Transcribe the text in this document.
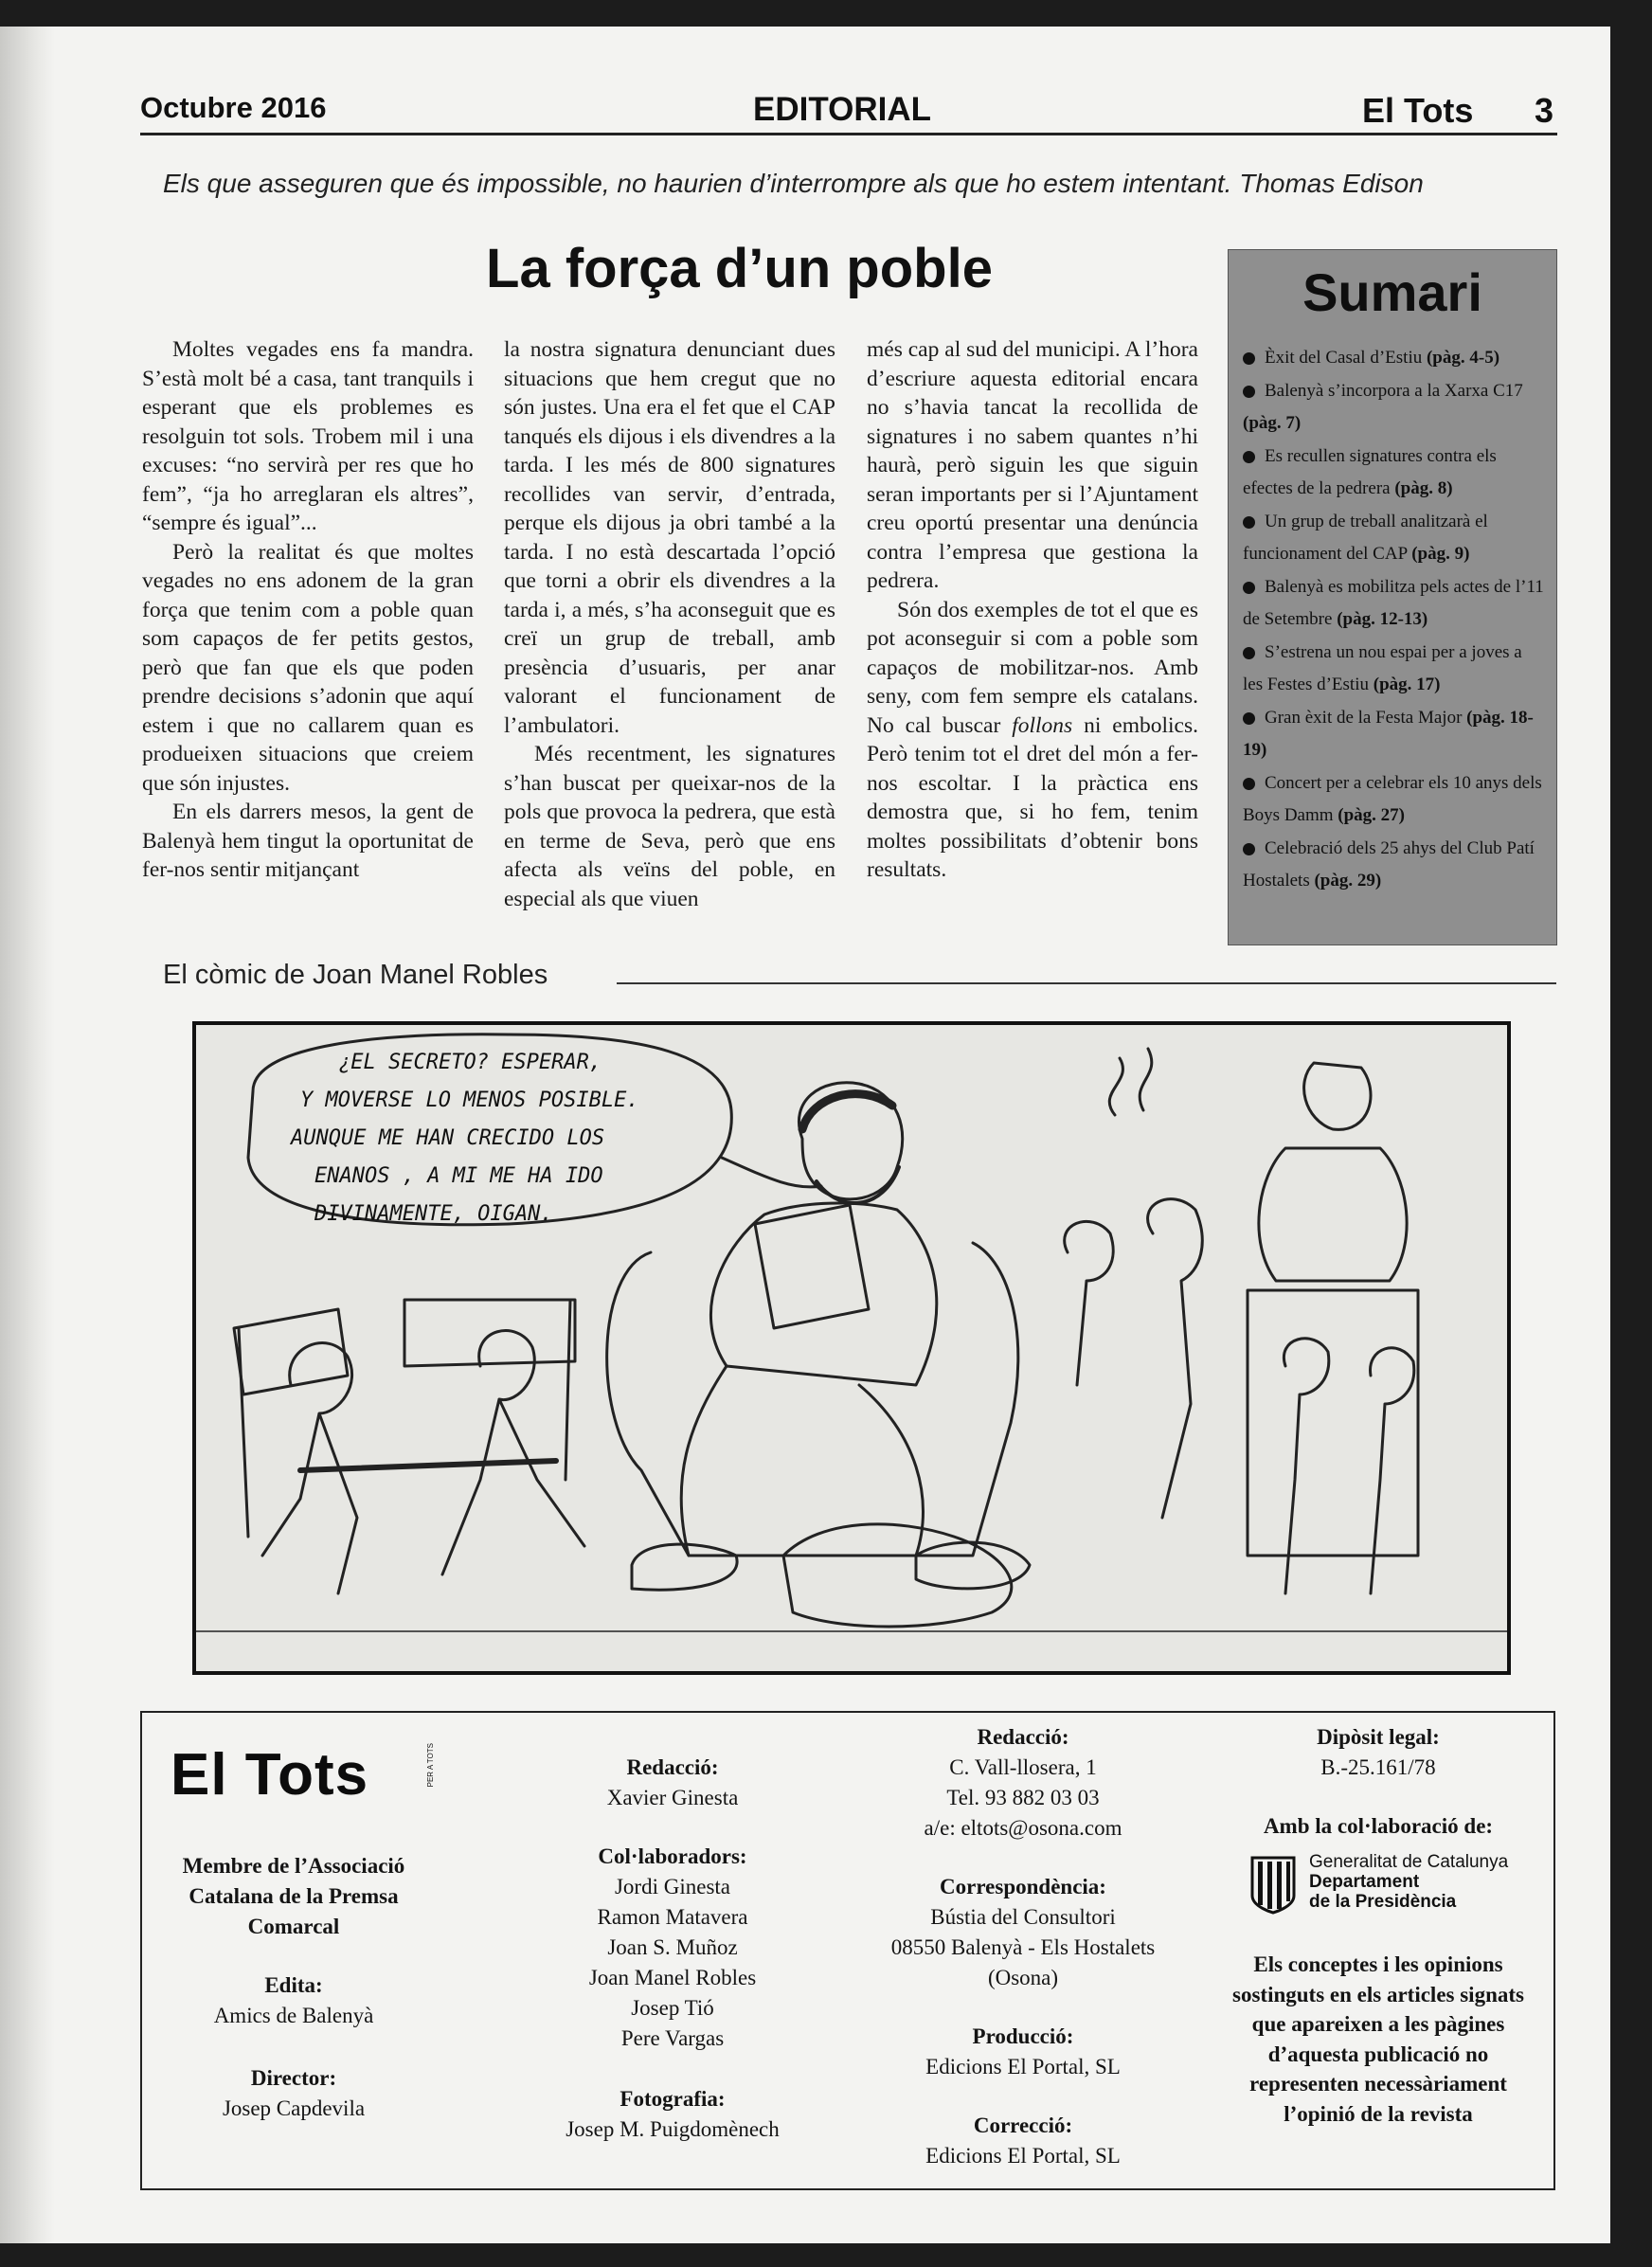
Octubre 2016	EDITORIAL	El Tots 3
Els que asseguren que és impossible, no haurien d’interrompre als que ho estem intentant. Thomas Edison
La força d’un poble

Moltes vegades ens fa mandra. S’està molt bé a casa, tant tranquils i esperant que els problemes es resolguin tot sols. Trobem mil i una excuses: “no servirà per res que ho fem”, “ja ho arreglaran els altres”, “sempre és igual”...

Però la realitat és que moltes vegades no ens adonem de la gran força que tenim com a poble quan som capaços de fer petits gestos, però que fan que els que poden prendre decisions s’adonin que aquí estem i que no callarem quan es produeixen situacions que creiem que són injustes.

En els darrers mesos, la gent de Balenyà hem tingut la oportunitat de fer-nos sentir mitjançant

la nostra signatura denunciant dues situacions que hem cregut que no són justes. Una era el fet que el CAP tanqués els dijous i els divendres a la tarda. I les més de 800 signatures recollides van servir, d’entrada, perque els dijous ja obri també a la tarda. I no està descartada l’opció que torni a obrir els divendres a la tarda i, a més, s’ha aconseguit que es creï un grup de treball, amb presència d’usuaris, per anar valorant el funcionament de l’ambulatori.

Més recentment, les signatures s’han buscat per queixar-nos de la pols que provoca la pedrera, que està en terme de Seva, però que ens afecta als veïns del poble, en especial als que viuen

més cap al sud del municipi. A l’hora d’escriure aquesta editorial encara no s’havia tancat la recollida de signatures i no sabem quantes n’hi haurà, però siguin les que siguin seran importants per si l’Ajuntament creu oportú presentar una denúncia contra l’empresa que gestiona la pedrera.

Són dos exemples de tot el que es pot aconseguir si com a poble som capaços de mobilitzar-nos. Amb seny, com fem sempre els catalans. No cal buscar follons ni embolics. Però tenim tot el dret del món a fer-nos escoltar. I la pràctica ens demostra que, si ho fem, tenim moltes possibilitats d’obtenir bons resultats.

Sumari
Èxit del Casal d’Estiu (pàg. 4-5)
Balenyà s’incorpora a la Xarxa C17 (pàg. 7)
Es recullen signatures contra els efectes de la pedrera (pàg. 8)
Un grup de treball analitzarà el funcionament del CAP (pàg. 9)
Balenyà es mobilitza pels actes de l’11 de Setembre (pàg. 12-13)
S’estrena un nou espai per a joves a les Festes d’Estiu (pàg. 17)
Gran èxit de la Festa Major (pàg. 18-19)
Concert per a celebrar els 10 anys dels Boys Damm (pàg. 27)
Celebració dels 25 ahys del Club Patí Hostalets (pàg. 29)
El còmic de Joan Manel Robles
¿EL SECRETO? ESPERAR,
Y MOVERSE LO MENOS POSIBLE.
AUNQUE ME HAN CRECIDO LOS
ENANOS , A MI ME HA IDO
DIVINAMENTE, OIGAN.
El Tots	PER A TOTS
Membre de l’Associació Catalana de la Premsa Comarcal
Edita:
Amics de Balenyà
Director:
Josep Capdevila
Redacció:
Xavier Ginesta
Col·laboradors:
Jordi Ginesta
Ramon Matavera
Joan S. Muñoz
Joan Manel Robles
Josep Tió
Pere Vargas
Fotografia:
Josep M. Puigdomènech
Redacció:
C. Vall-llosera, 1
Tel. 93 882 03 03
a/e: eltots@osona.com
Correspondència:
Bústia del Consultori
08550 Balenyà - Els Hostalets
(Osona)
Producció:
Edicions El Portal, SL
Correcció:
Edicions El Portal, SL
Dipòsit legal:
B.-25.161/78
Amb la col·laboració de:
Generalitat de Catalunya
Departament
de la Presidència
Els conceptes i les opinions sostinguts en els articles signats que apareixen a les pàgines d’aquesta publicació no representen necessàriament l’opinió de la revista
